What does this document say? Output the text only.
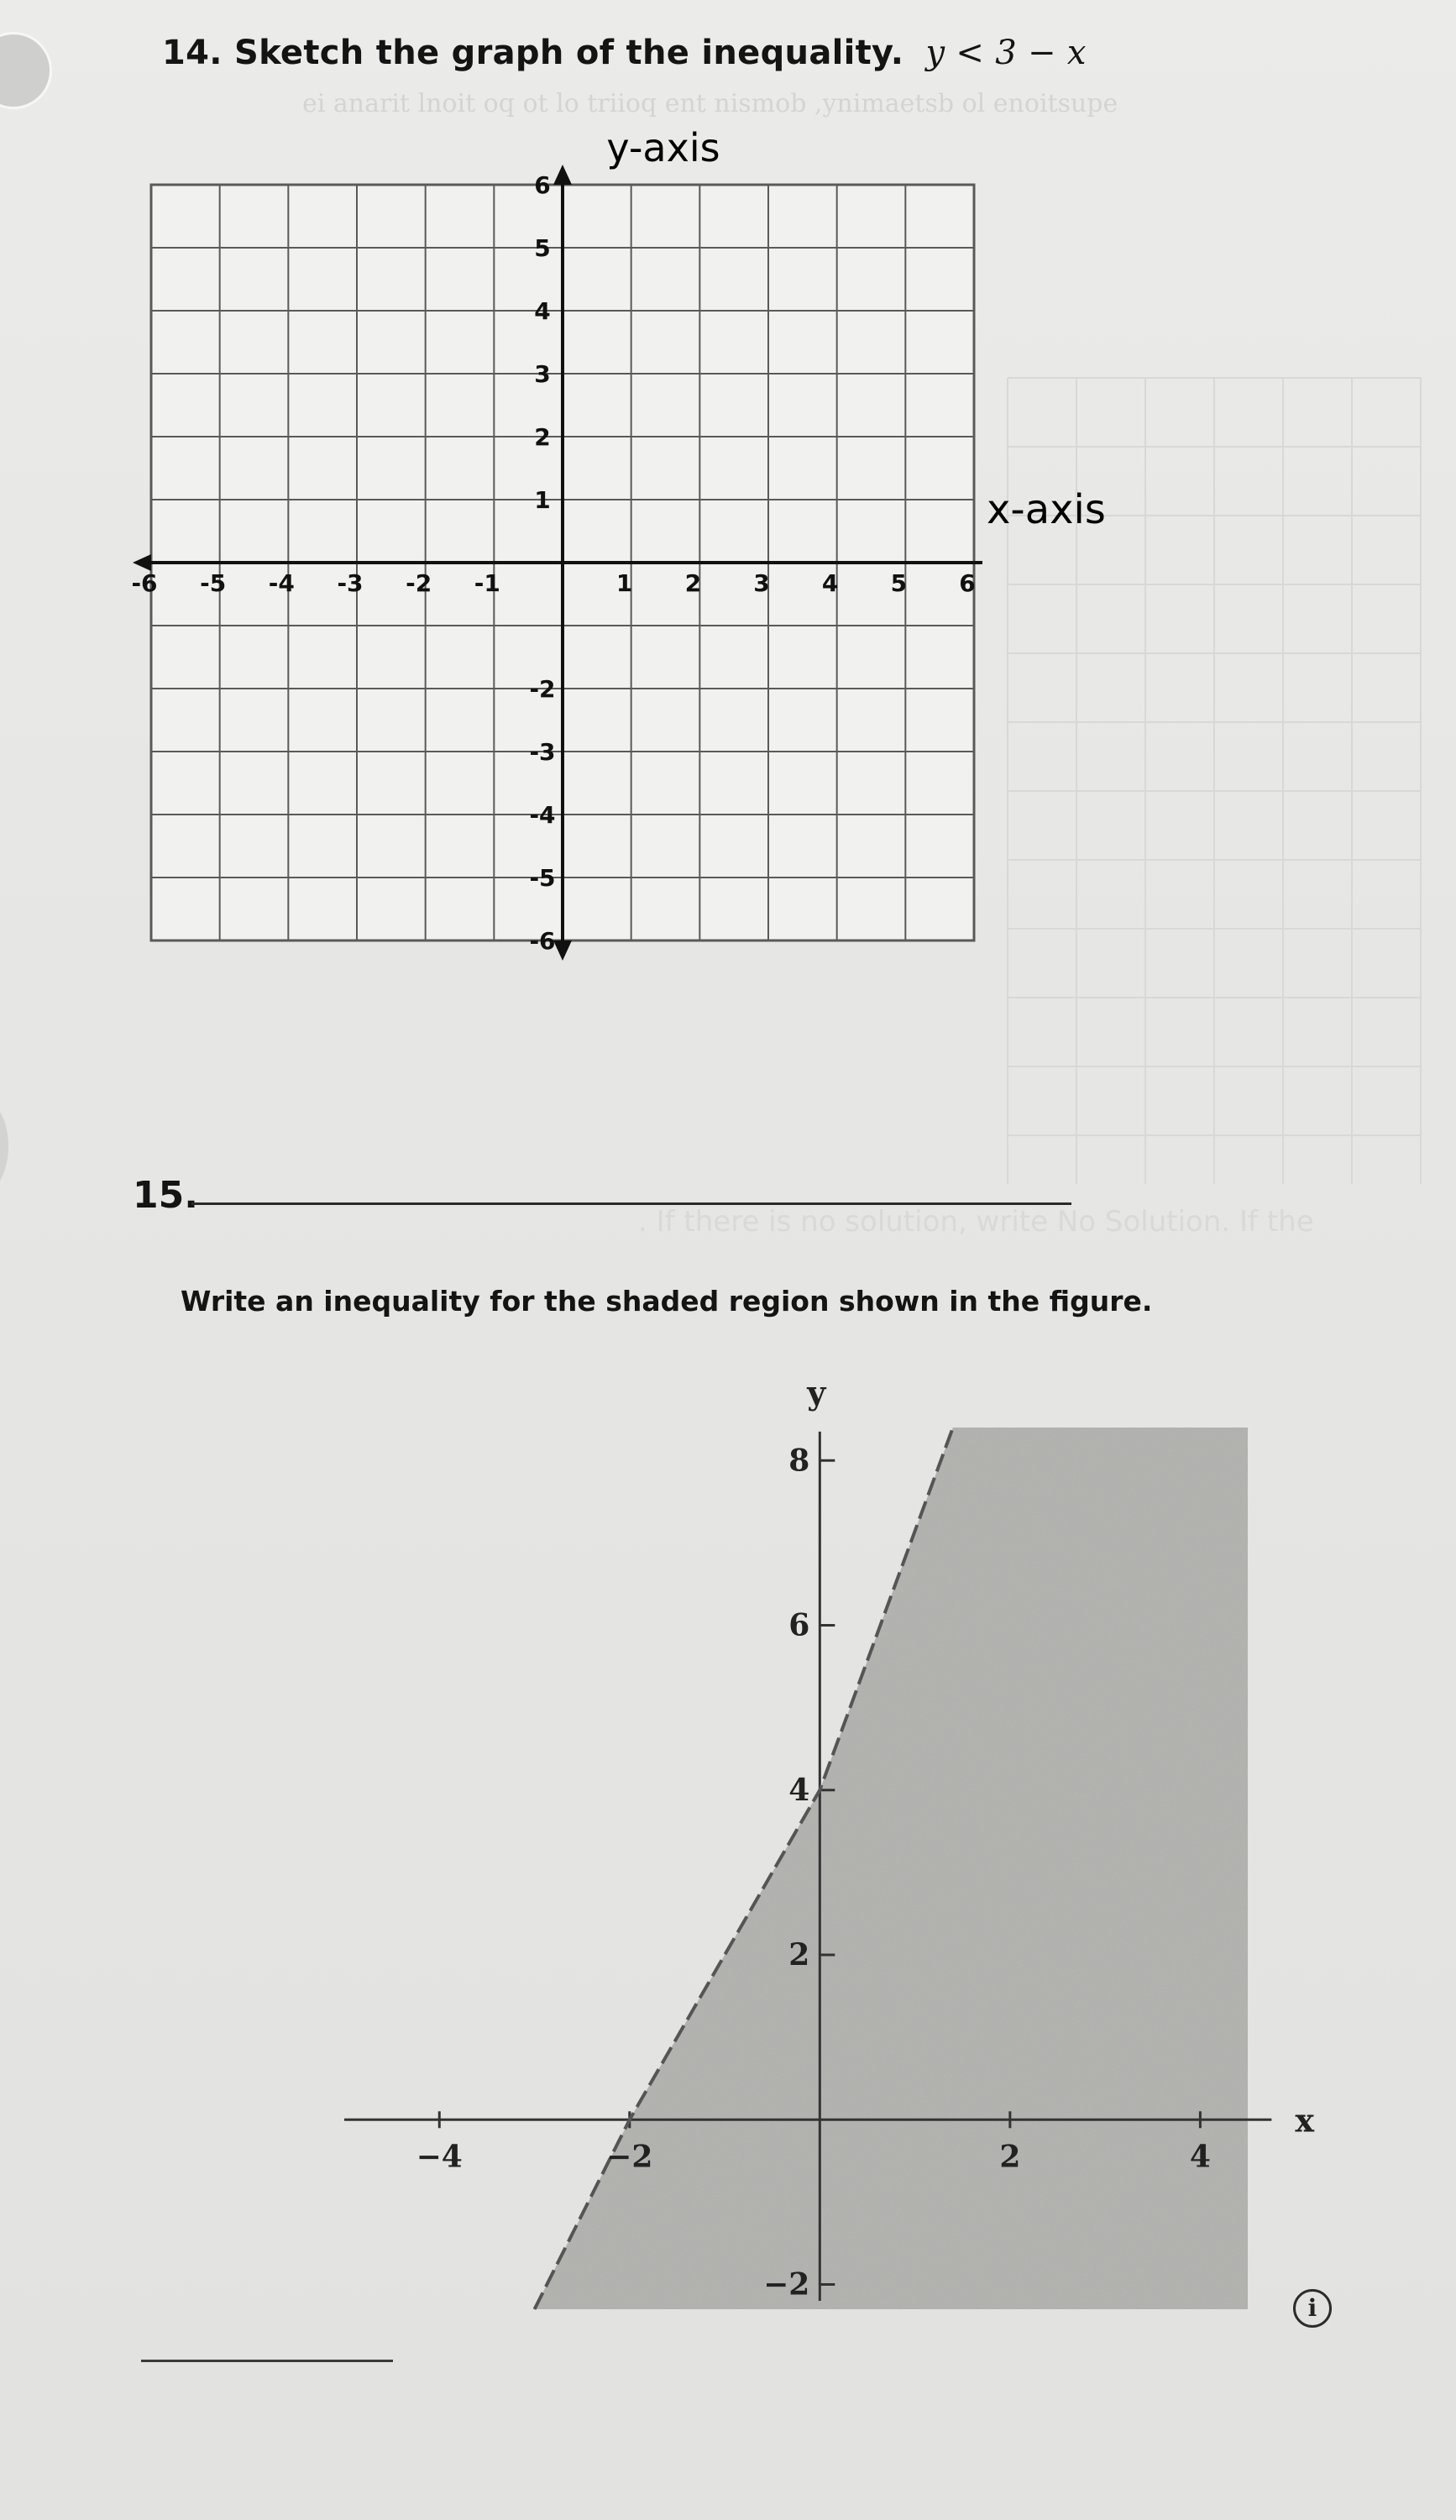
ei anarit l‍noit oq ‍ot lo triioq ent nismob ,ynimaetsb ol enoitsupe
. If there is no solution, write No Solution. If the
14. Sketch the graph of the inequality. y < 3 − x
y-axis
x-axis
-6 -5 -4 -3 -2 -1	1 2 3 4 5 6
6
5
4
3
2
1
-2
-3
-4
-5
-6
15.
Write an inequality for the shaded region shown in the figure.
y
x
−4	−2	2	4
8
6
4
2
−2
i
